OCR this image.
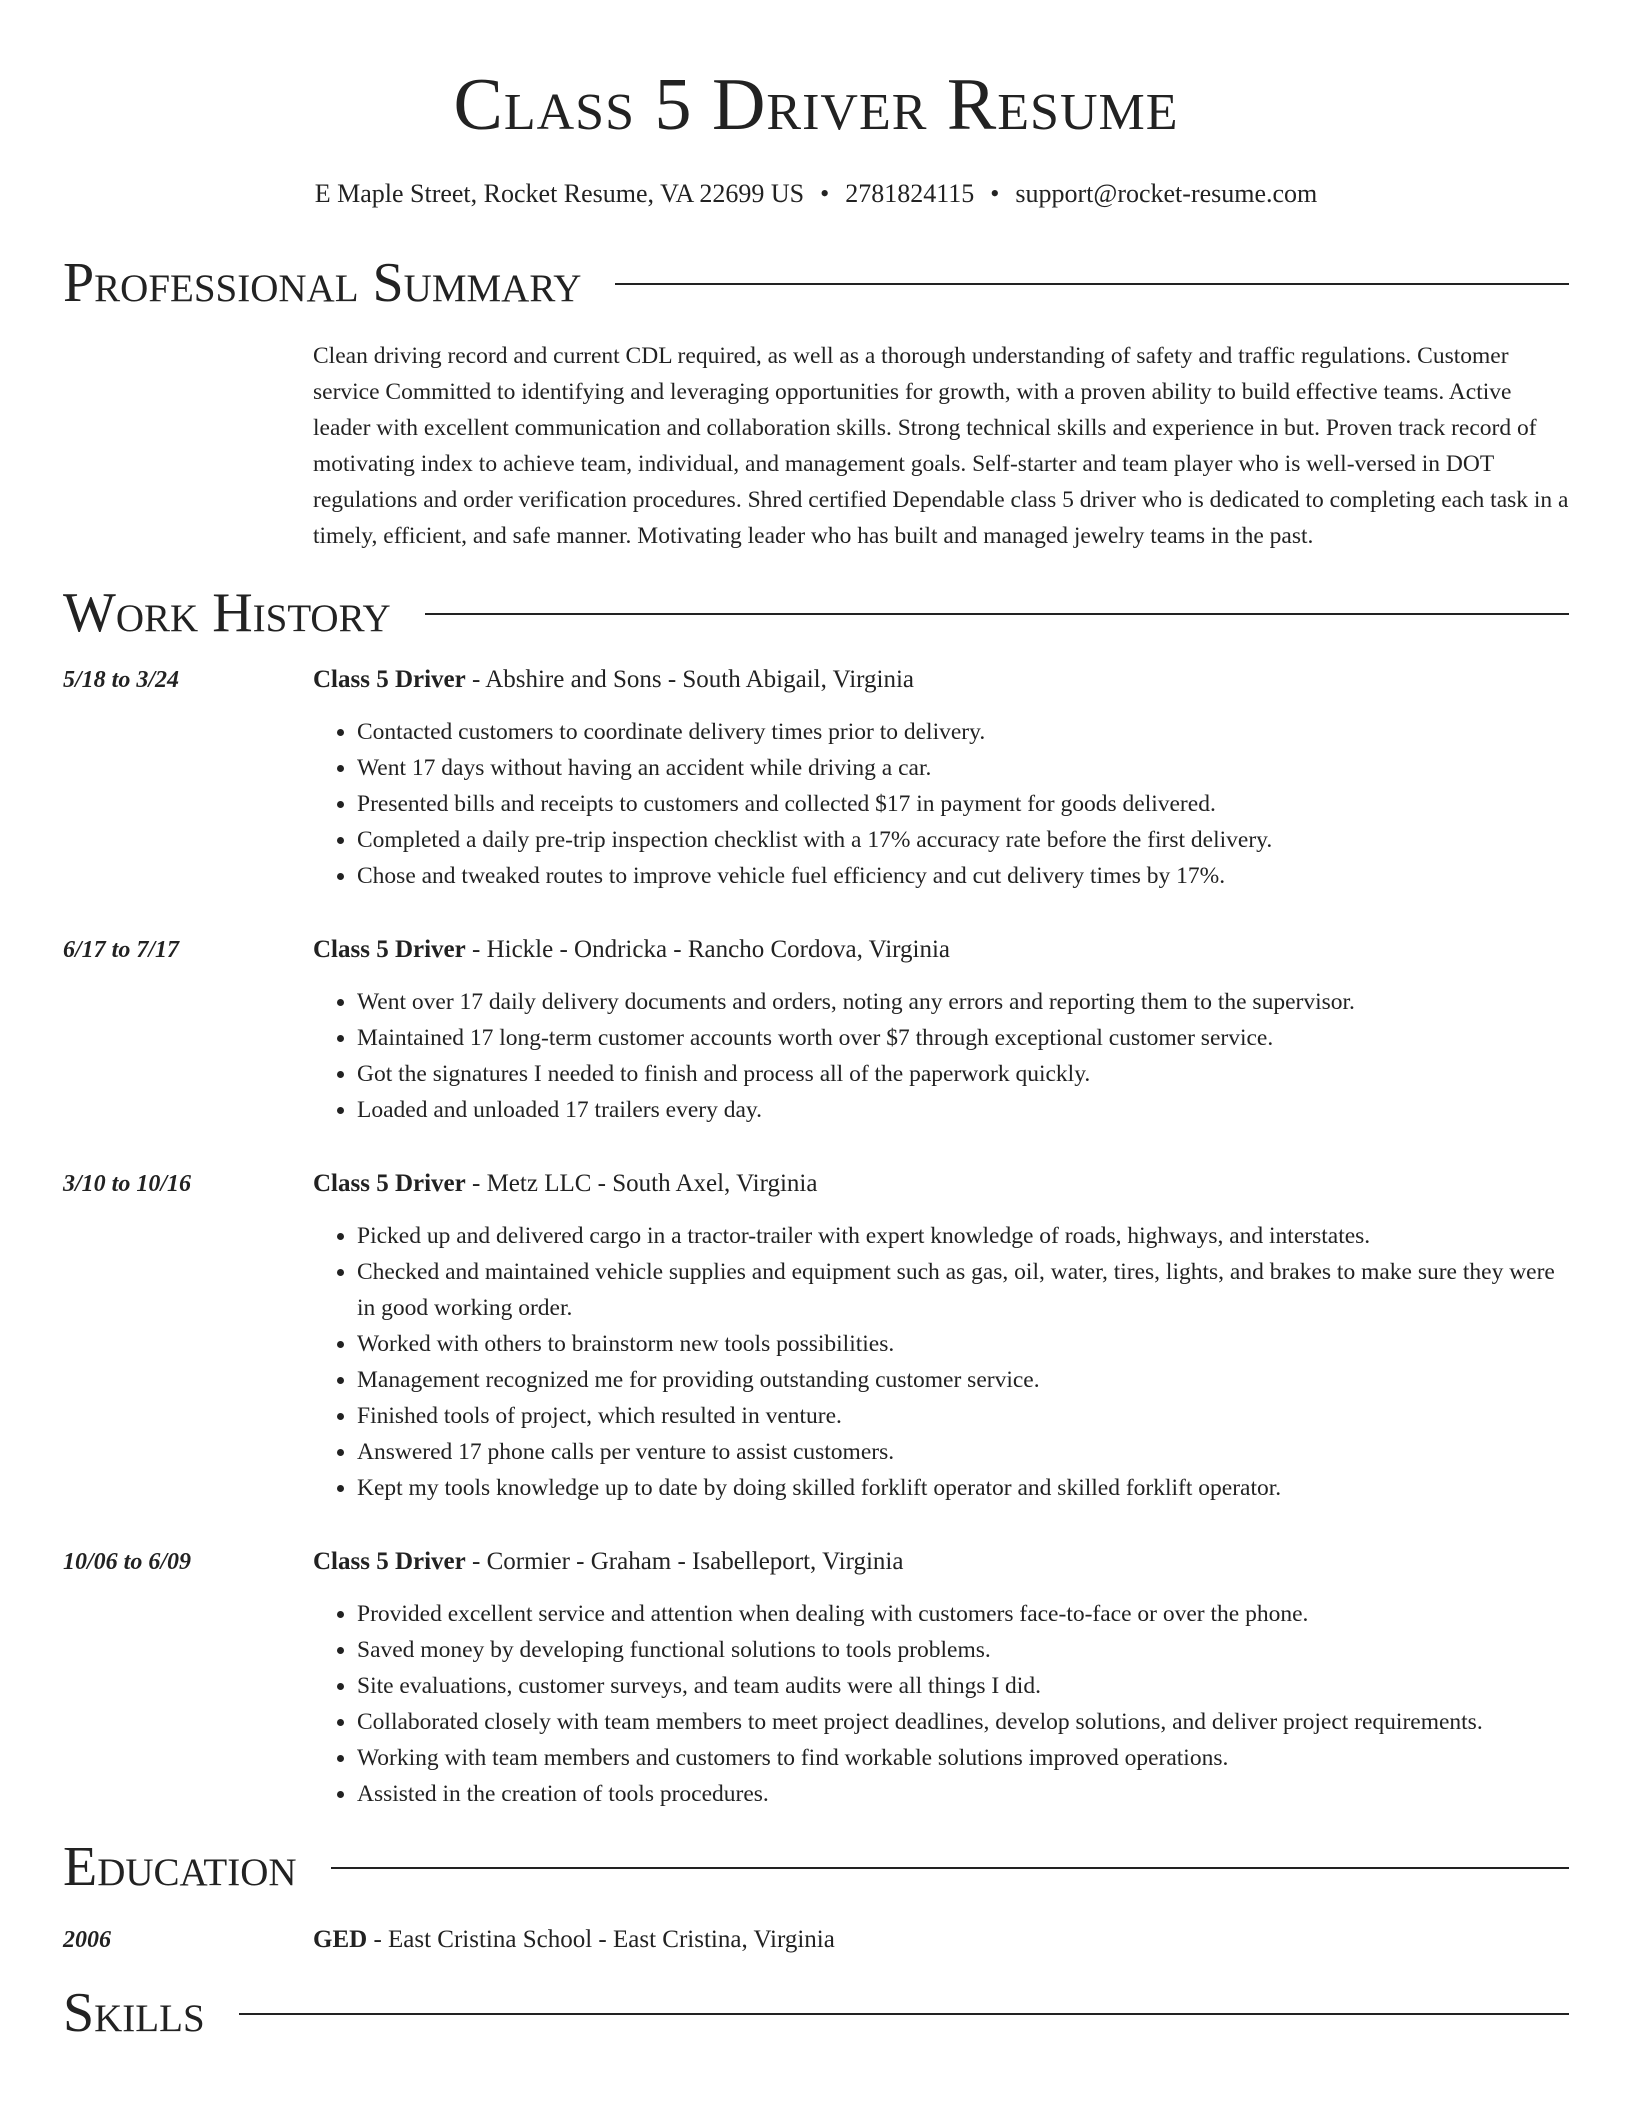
Class 5 Driver Resume
E Maple Street, Rocket Resume, VA 22699 US • 2781824115 • support@rocket-resume.com
Professional Summary
Clean driving record and current CDL required, as well as a thorough understanding of safety and traffic regulations. Customer service Committed to identifying and leveraging opportunities for growth, with a proven ability to build effective teams. Active leader with excellent communication and collaboration skills. Strong technical skills and experience in but. Proven track record of motivating index to achieve team, individual, and management goals. Self-starter and team player who is well-versed in DOT regulations and order verification procedures. Shred certified Dependable class 5 driver who is dedicated to completing each task in a timely, efficient, and safe manner. Motivating leader who has built and managed jewelry teams in the past.
Work History
5/18 to 3/24	Class 5 Driver - Abshire and Sons - South Abigail, Virginia
• Contacted customers to coordinate delivery times prior to delivery.
• Went 17 days without having an accident while driving a car.
• Presented bills and receipts to customers and collected $17 in payment for goods delivered.
• Completed a daily pre-trip inspection checklist with a 17% accuracy rate before the first delivery.
• Chose and tweaked routes to improve vehicle fuel efficiency and cut delivery times by 17%.
6/17 to 7/17	Class 5 Driver - Hickle - Ondricka - Rancho Cordova, Virginia
• Went over 17 daily delivery documents and orders, noting any errors and reporting them to the supervisor.
• Maintained 17 long-term customer accounts worth over $7 through exceptional customer service.
• Got the signatures I needed to finish and process all of the paperwork quickly.
• Loaded and unloaded 17 trailers every day.
3/10 to 10/16	Class 5 Driver - Metz LLC - South Axel, Virginia
• Picked up and delivered cargo in a tractor-trailer with expert knowledge of roads, highways, and interstates.
• Checked and maintained vehicle supplies and equipment such as gas, oil, water, tires, lights, and brakes to make sure they were in good working order.
• Worked with others to brainstorm new tools possibilities.
• Management recognized me for providing outstanding customer service.
• Finished tools of project, which resulted in venture.
• Answered 17 phone calls per venture to assist customers.
• Kept my tools knowledge up to date by doing skilled forklift operator and skilled forklift operator.
10/06 to 6/09	Class 5 Driver - Cormier - Graham - Isabelleport, Virginia
• Provided excellent service and attention when dealing with customers face-to-face or over the phone.
• Saved money by developing functional solutions to tools problems.
• Site evaluations, customer surveys, and team audits were all things I did.
• Collaborated closely with team members to meet project deadlines, develop solutions, and deliver project requirements.
• Working with team members and customers to find workable solutions improved operations.
• Assisted in the creation of tools procedures.
Education
2006	GED - East Cristina School - East Cristina, Virginia
Skills
